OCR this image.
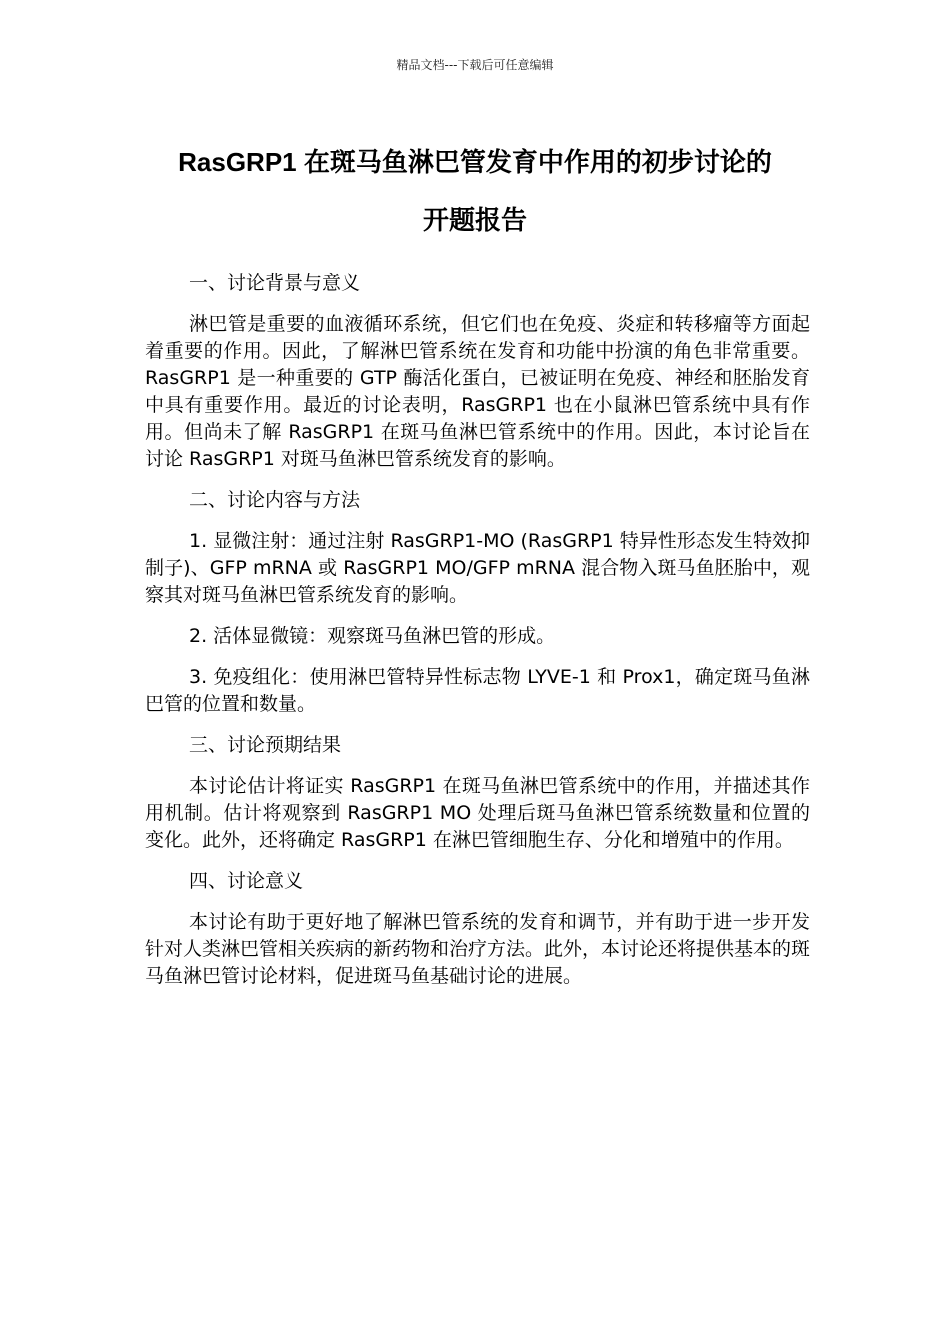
精品文档---下载后可任意编辑
RasGRP1 在斑马鱼淋巴管发育中作用的初步讨论的
开题报告

一、讨论背景与意义

淋巴管是重要的血液循环系统，但它们也在免疫、炎症和转移瘤等方面起着重要的作用。因此，了解淋巴管系统在发育和功能中扮演的角色非常重要。 RasGRP1 是一种重要的 GTP 酶活化蛋白，已被证明在免疫、神经和胚胎发育中具有重要作用。最近的讨论表明，RasGRP1 也在小鼠淋巴管系统中具有作用。但尚未了解 RasGRP1 在斑马鱼淋巴管系统中的作用。因此，本讨论旨在讨论 RasGRP1 对斑马鱼淋巴管系统发育的影响。

二、讨论内容与方法

1. 显微注射：通过注射 RasGRP1-MO (RasGRP1 特异性形态发生特效抑制子)、GFP mRNA 或 RasGRP1 MO/GFP mRNA 混合物入斑马鱼胚胎中，观察其对斑马鱼淋巴管系统发育的影响。

2. 活体显微镜：观察斑马鱼淋巴管的形成。

3. 免疫组化：使用淋巴管特异性标志物 LYVE-1 和 Prox1，确定斑马鱼淋巴管的位置和数量。

三、讨论预期结果

本讨论估计将证实 RasGRP1 在斑马鱼淋巴管系统中的作用，并描述其作用机制。估计将观察到 RasGRP1 MO 处理后斑马鱼淋巴管系统数量和位置的变化。此外，还将确定 RasGRP1 在淋巴管细胞生存、分化和增殖中的作用。

四、讨论意义

本讨论有助于更好地了解淋巴管系统的发育和调节，并有助于进一步开发针对人类淋巴管相关疾病的新药物和治疗方法。此外，本讨论还将提供基本的斑马鱼淋巴管讨论材料，促进斑马鱼基础讨论的进展。
